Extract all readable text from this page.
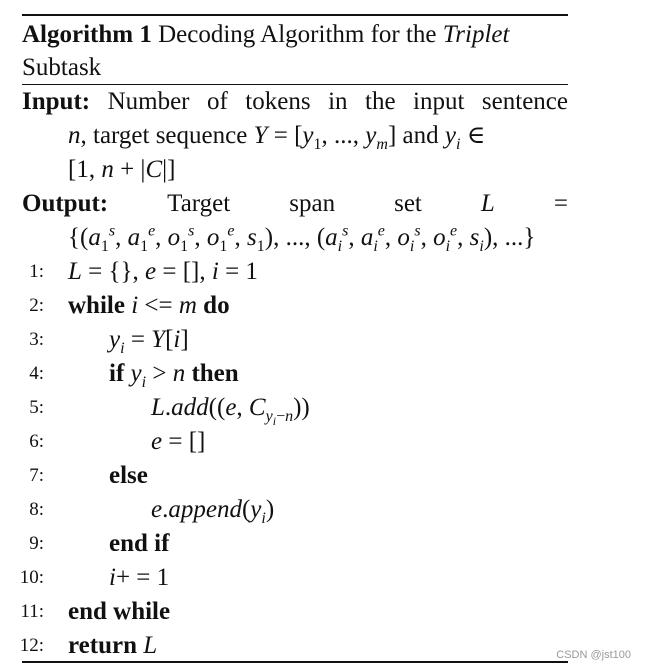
Algorithm 1 Decoding Algorithm for the Triplet
Subtask
Input: Number of tokens in the input sentence
n, target sequence $Y = [y_1$, ..., $y_m$] and $y_i$ ∈
[1, n + |C|]
Output: Target span set L =
{($a_1^s$, $a_1^e$, $o_1^s$, $o_1^e$, $s_1$), ..., ($a_i^s$, $a_i^e$, $o_i^s$, $o_i^e$, $s_i$), ...}
1: L = {}, e = [], i = 1
2: while i <= m do
3:	$y_i = Y[i]$
4:	if $y_i > n$ then
5:	L.add((e, $C_{y_i-n}$))
6:	e = []
7:	else
8:	$e.append(y_i)$
9:	end if
10:	i+ = 1
11: end while
12: return L	CSDN @jst100
